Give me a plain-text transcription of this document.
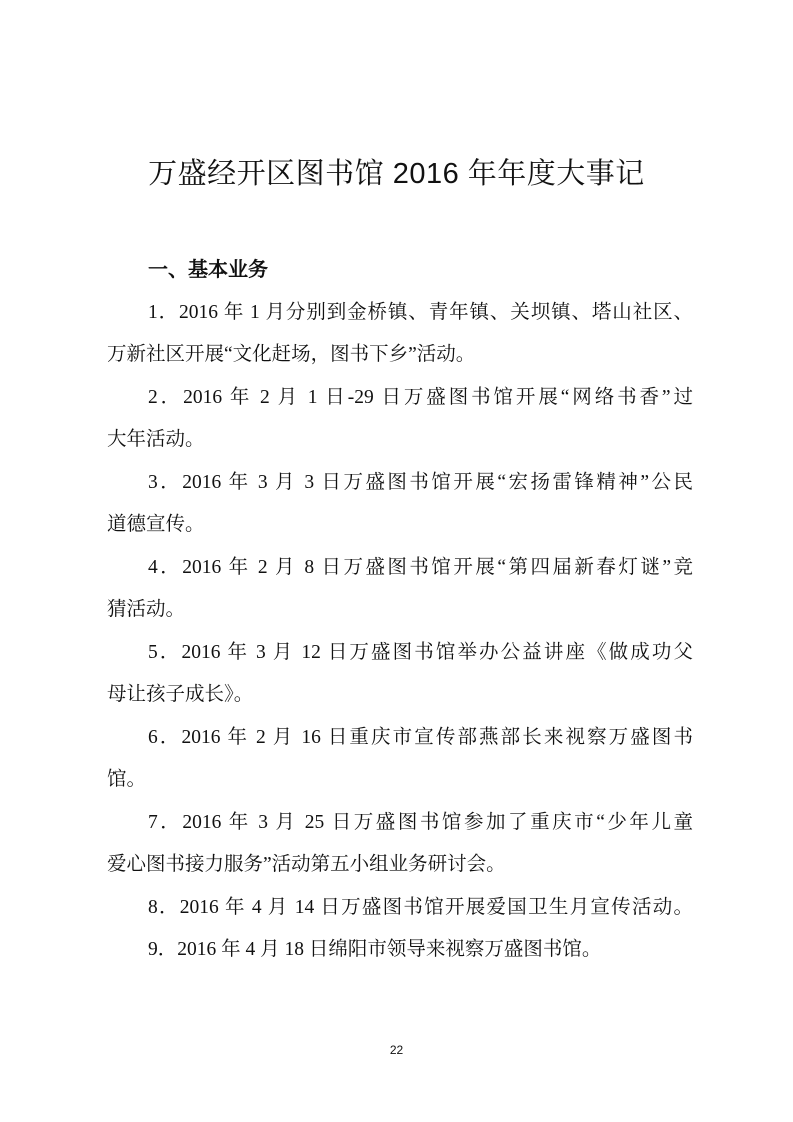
万盛经开区图书馆 2016 年年度大事记
一、基本业务
1．2016 年 1 月分别到金桥镇、青年镇、关坝镇、塔山社区、
万新社区开展“文化赶场，图书下乡”活动。
2．2016 年 2 月 1 日-29 日万盛图书馆开展“网络书香”过
大年活动。
3．2016 年 3 月 3 日万盛图书馆开展“宏扬雷锋精神”公民
道德宣传。
4．2016 年 2 月 8 日万盛图书馆开展“第四届新春灯谜”竞
猜活动。
5．2016 年 3 月 12 日万盛图书馆举办公益讲座《做成功父
母让孩子成长》。
6．2016 年 2 月 16 日重庆市宣传部燕部长来视察万盛图书
馆。
7．2016 年 3 月 25 日万盛图书馆参加了重庆市“少年儿童
爱心图书接力服务”活动第五小组业务研讨会。
8．2016 年 4 月 14 日万盛图书馆开展爱国卫生月宣传活动。
9．2016 年 4 月 18 日绵阳市领导来视察万盛图书馆。
22
